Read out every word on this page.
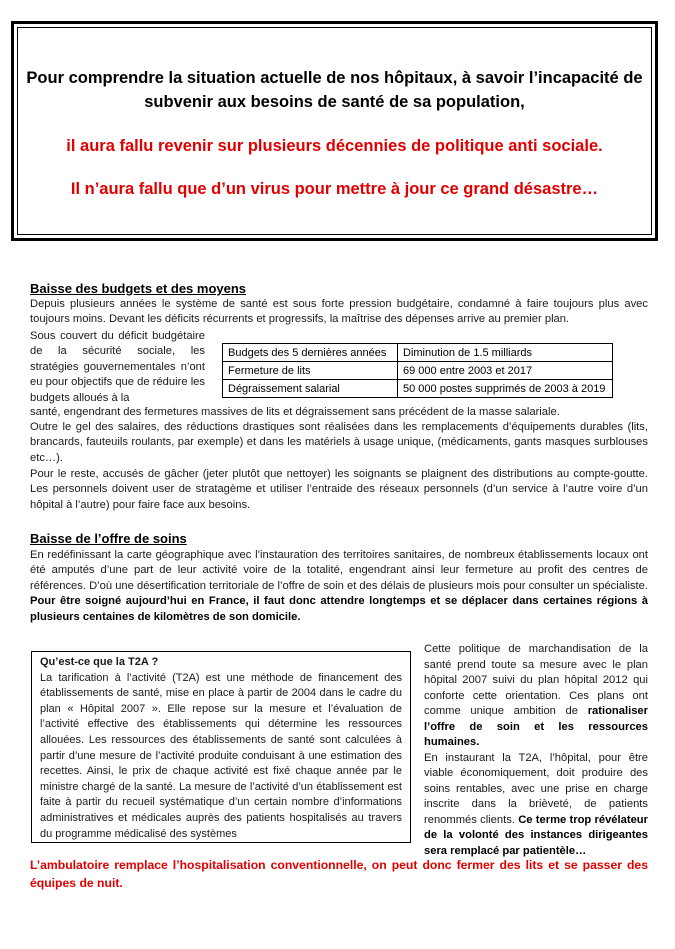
Pour comprendre la situation actuelle de nos hôpitaux, à savoir l’incapacité de subvenir aux besoins de santé de sa population,

il aura fallu revenir sur plusieurs décennies de politique anti sociale.

Il n’aura fallu que d’un virus pour mettre à jour ce grand désastre…

Baisse des budgets et des moyens
Depuis plusieurs années le système de santé est sous forte pression budgétaire, condamné à faire toujours plus avec toujours moins. Devant les déficits récurrents et progressifs, la maîtrise des dépenses arrive au premier plan.
Sous couvert du déficit budgétaire de la sécurité sociale, les stratégies gouvernementales n’ont eu pour objectifs que de réduire les budgets alloués à la
Budgets des 5 dernières années	Diminution de 1.5 milliards
Fermeture de lits	69 000 entre 2003 et 2017
Dégraissement salarial	50 000 postes supprimés de 2003 à 2019
santé, engendrant des fermetures massives de lits et dégraissement sans précédent de la masse salariale.
Outre le gel des salaires, des réductions drastiques sont réalisées dans les remplacements d’équipements durables (lits, brancards, fauteuils roulants, par exemple) et dans les matériels à usage unique, (médicaments, gants masques surblouses etc…).
Pour le reste, accusés de gâcher (jeter plutôt que nettoyer) les soignants se plaignent des distributions au compte-goutte. Les personnels doivent user de stratagème et utiliser l’entraide des réseaux personnels (d’un service à l’autre voire d’un hôpital à l’autre) pour faire face aux besoins.
Baisse de l’offre de soins
En redéfinissant la carte géographique avec l’instauration des territoires sanitaires, de nombreux établissements locaux ont été amputés d’une part de leur activité voire de la totalité, engendrant ainsi leur fermeture au profit des centres de références. D’où une désertification territoriale de l’offre de soin et des délais de plusieurs mois pour consulter un spécialiste. Pour être soigné aujourd’hui en France, il faut donc attendre longtemps et se déplacer dans certaines régions à plusieurs centaines de kilomètres de son domicile.
Qu’est-ce que la T2A ?
La tarification à l’activité (T2A) est une méthode de financement des établissements de santé, mise en place à partir de 2004 dans le cadre du plan « Hôpital 2007 ». Elle repose sur la mesure et l’évaluation de l’activité effective des établissements qui détermine les ressources allouées. Les ressources des établissements de santé sont calculées à partir d’une mesure de l’activité produite conduisant à une estimation des recettes. Ainsi, le prix de chaque activité est fixé chaque année par le ministre chargé de la santé. La mesure de l’activité d’un établissement est faite à partir du recueil systématique d’un certain nombre d’informations administratives et médicales auprès des patients hospitalisés au travers du programme médicalisé des systèmes

Cette politique de marchandisation de la santé prend toute sa mesure avec le plan hôpital 2007 suivi du plan hôpital 2012 qui conforte cette orientation. Ces plans ont comme unique ambition de rationaliser l’offre de soin et les ressources humaines.

En instaurant la T2A, l’hôpital, pour être viable économiquement, doit produire des soins rentables, avec une prise en charge inscrite dans la brièveté, de patients renommés clients. Ce terme trop révélateur de la volonté des instances dirigeantes sera remplacé par patientèle…

L’ambulatoire remplace l’hospitalisation conventionnelle, on peut donc fermer des lits et se passer des équipes de nuit.
